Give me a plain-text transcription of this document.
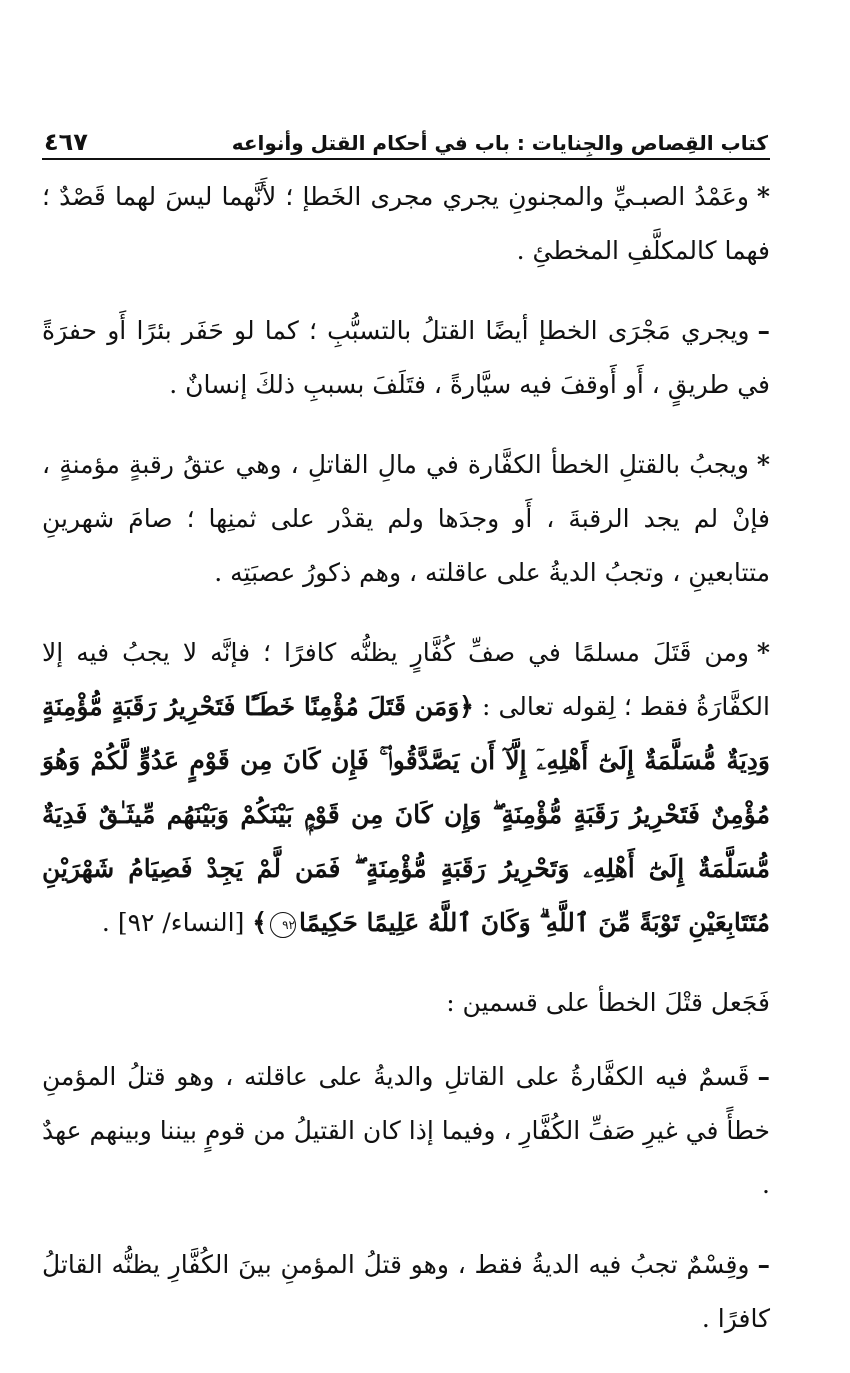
كتاب القِصاص والجِنايات : باب في أحكام القتل وأنواعه
٤٦٧

*وعَمْدُ الصبـيِّ والمجنونِ يجري مجرى الخَطإ ؛ لأَنَّهما ليسَ لهما قَصْدٌ ؛ فهما كالمكلَّفِ المخطئِ .

–ويجري مَجْرَى الخطإ أيضًا القتلُ بالتسبُّبِ ؛ كما لو حَفَر بئرًا أَو حفرَةً في طريقٍ ، أَو أَوقفَ فيه سيَّارةً ، فتَلَفَ بسببِ ذلكَ إنسانٌ .

*ويجبُ بالقتلِ الخطأ الكفَّارة في مالِ القاتلِ ، وهي عتقُ رقبةٍ مؤمنةٍ ، فإنْ لم يجد الرقبةَ ، أَو وجدَها ولم يقدْر على ثمنِها ؛ صامَ شهرينِ متتابعينِ ، وتجبُ الديةُ على عاقلته ، وهم ذكورُ عصبَتِه .

*ومن قَتَلَ مسلمًا في صفِّ كُفَّارٍ يظنُّه كافرًا ؛ فإنَّه لا يجبُ فيه إلا الكفَّارَةُ فقط ؛ لِقوله تعالى : ﴿وَمَن قَتَلَ مُؤْمِنًا خَطَـًٔا فَتَحْرِيرُ رَقَبَةٍ مُّؤْمِنَةٍ وَدِيَةٌ مُّسَلَّمَةٌ إِلَىٰٓ أَهْلِهِۦٓ إِلَّآ أَن يَصَّدَّقُوا۟ ۚ فَإِن كَانَ مِن قَوْمٍ عَدُوٍّ لَّكُمْ وَهُوَ مُؤْمِنٌ فَتَحْرِيرُ رَقَبَةٍ مُّؤْمِنَةٍ ۖ وَإِن كَانَ مِن قَوْمٍۭ بَيْنَكُمْ وَبَيْنَهُم مِّيثَـٰقٌ فَدِيَةٌ مُّسَلَّمَةٌ إِلَىٰٓ أَهْلِهِۦ وَتَحْرِيرُ رَقَبَةٍ مُّؤْمِنَةٍ ۖ فَمَن لَّمْ يَجِدْ فَصِيَامُ شَهْرَيْنِ مُتَتَابِعَيْنِ تَوْبَةً مِّنَ ٱللَّهِ ۗ وَكَانَ ٱللَّهُ عَلِيمًا حَكِيمًا٩٢﴾ [النساء/ ٩٢] .

فَجَعل قتْلَ الخطأ على قسمين :

–قَسمٌ فيه الكفَّارةُ على القاتلِ والديةُ على عاقلته ، وهو قتلُ المؤمنِ خطأً في غيرِ صَفِّ الكُفَّارِ ، وفيما إذا كان القتيلُ من قومٍ بيننا وبينهم عهدٌ .

–وقِسْمٌ تجبُ فيه الديةُ فقط ، وهو قتلُ المؤمنِ بينَ الكُفَّارِ يظنُّه القاتلُ كافرًا .
